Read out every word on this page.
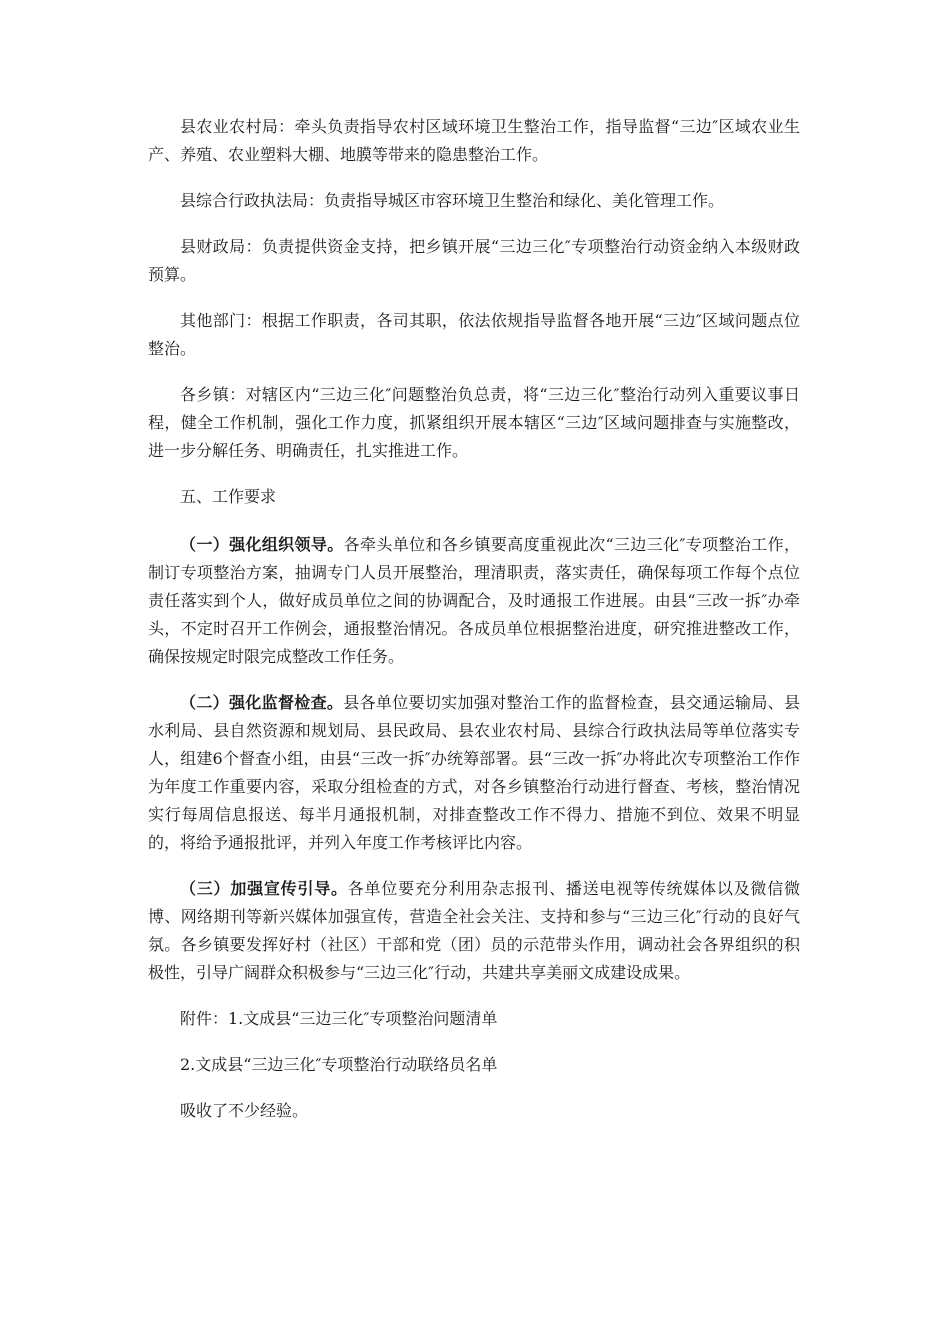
县农业农村局：牵头负责指导农村区域环境卫生整治工作，指导监督“三边″区域农业生产、养殖、农业塑料大棚、地膜等带来的隐患整治工作。

县综合行政执法局：负责指导城区市容环境卫生整治和绿化、美化管理工作。

县财政局：负责提供资金支持，把乡镇开展“三边三化″专项整治行动资金纳入本级财政预算。

其他部门：根据工作职责，各司其职，依法依规指导监督各地开展“三边″区域问题点位整治。

各乡镇：对辖区内“三边三化″问题整治负总责，将“三边三化″整治行动列入重要议事日程，健全工作机制，强化工作力度，抓紧组织开展本辖区“三边″区域问题排查与实施整改，进一步分解任务、明确责任，扎实推进工作。

五、工作要求

（一）强化组织领导。各牵头单位和各乡镇要高度重视此次“三边三化″专项整治工作，制订专项整治方案，抽调专门人员开展整治，理清职责，落实责任，确保每项工作每个点位责任落实到个人，做好成员单位之间的协调配合，及时通报工作进展。由县“三改一拆″办牵头，不定时召开工作例会，通报整治情况。各成员单位根据整治进度，研究推进整改工作，确保按规定时限完成整改工作任务。

（二）强化监督检查。县各单位要切实加强对整治工作的监督检查，县交通运输局、县水利局、县自然资源和规划局、县民政局、县农业农村局、县综合行政执法局等单位落实专人，组建6个督查小组，由县“三改一拆″办统筹部署。县“三改一拆″办将此次专项整治工作作为年度工作重要内容，采取分组检查的方式，对各乡镇整治行动进行督查、考核，整治情况实行每周信息报送、每半月通报机制，对排查整改工作不得力、措施不到位、效果不明显的，将给予通报批评，并列入年度工作考核评比内容。

（三）加强宣传引导。各单位要充分利用杂志报刊、播送电视等传统媒体以及微信微博、网络期刊等新兴媒体加强宣传，营造全社会关注、支持和参与“三边三化″行动的良好气氛。各乡镇要发挥好村（社区）干部和党（团）员的示范带头作用，调动社会各界组织的积极性，引导广阔群众积极参与“三边三化″行动，共建共享美丽文成建设成果。

附件：1.文成县“三边三化″专项整治问题清单

2.文成县“三边三化″专项整治行动联络员名单

吸收了不少经验。
